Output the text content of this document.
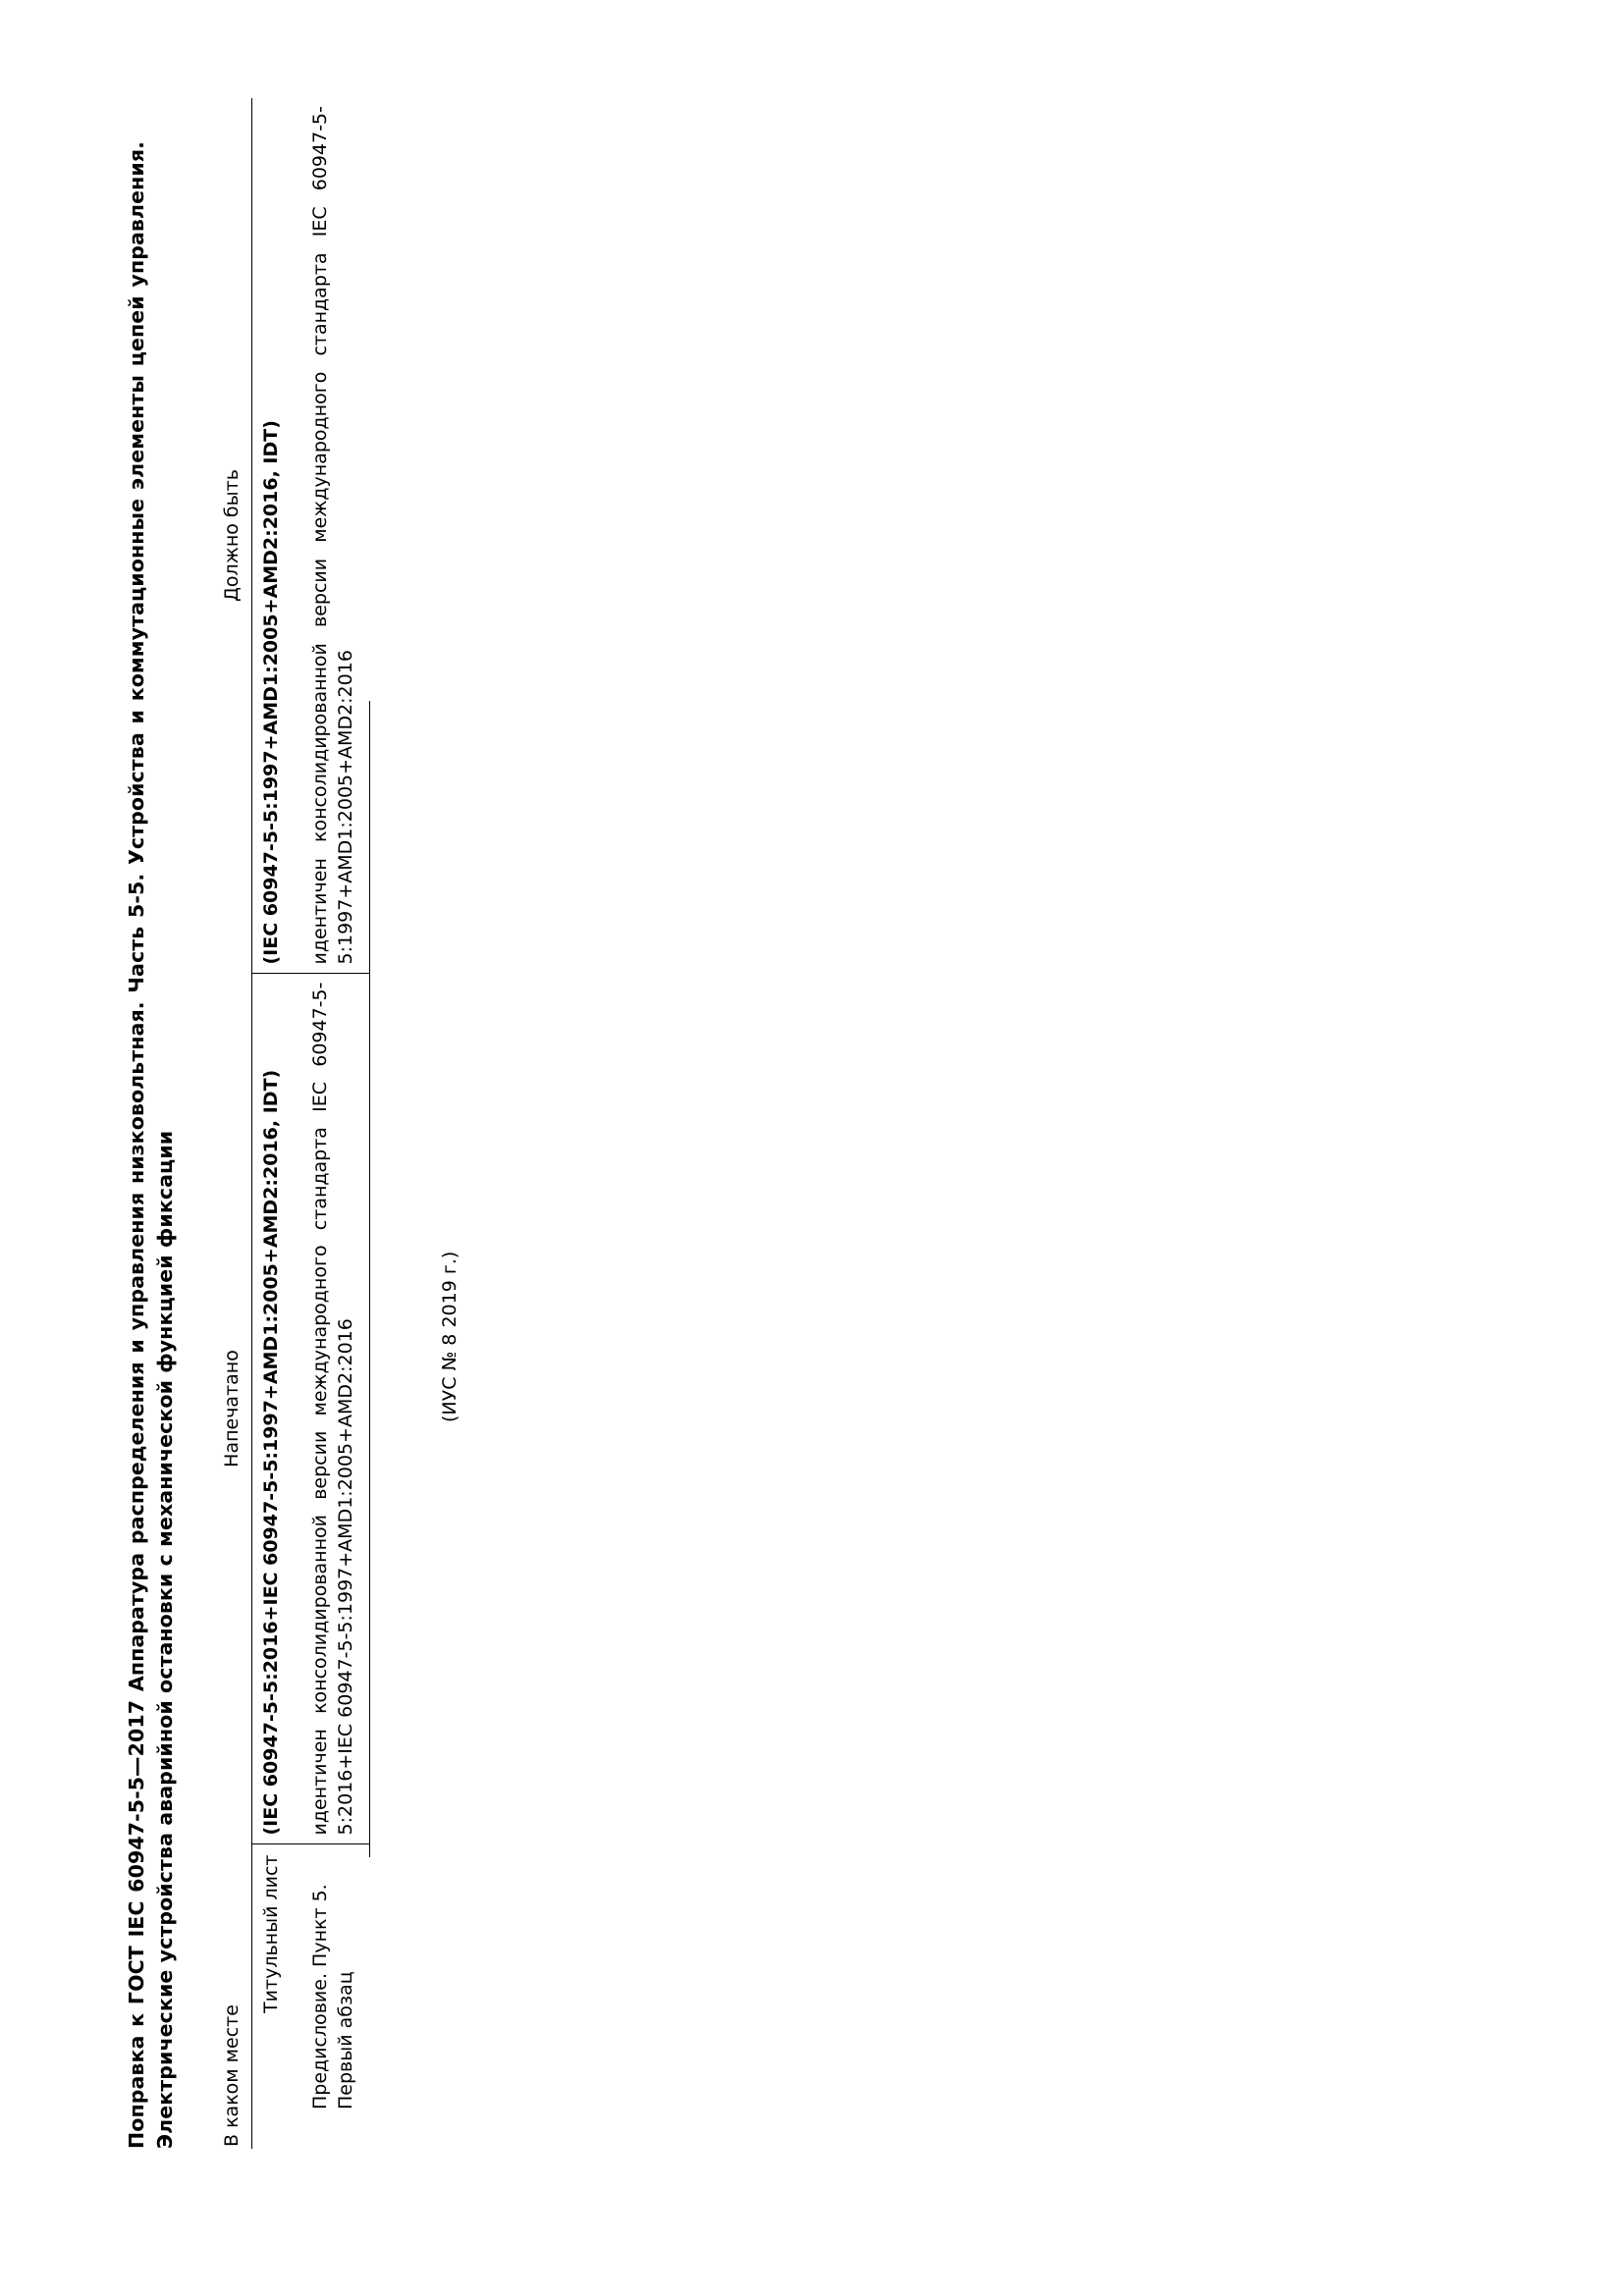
Поправка к ГОСТ IEC 60947-5-5—2017 Аппаратура распределения и управления низковольтная. Часть 5-5. Устройства и коммутационные элементы цепей управления. Электрические устройства аварийной остановки с механической функцией фиксации В каком месте	Напечатано	Должно быть
Титульный лист	(IEC 60947-5-5:2016+IEC 60947-5-5:1997+AMD1:2005+AMD2:2016, IDT)	(IEC 60947-5-5:1997+AMD1:2005+AMD2:2016, IDT)
Предисловие. Пункт 5. Первый абзац	идентичен консолидированной версии международного стандарта IEC 60947-5-5:2016+IEC 60947-5-5:1997+AMD1:2005+AMD2:2016	идентичен консолидированной версии международного стандарта IEC 60947-5-5:1997+AMD1:2005+AMD2:2016
(ИУС № 8 2019 г.)
